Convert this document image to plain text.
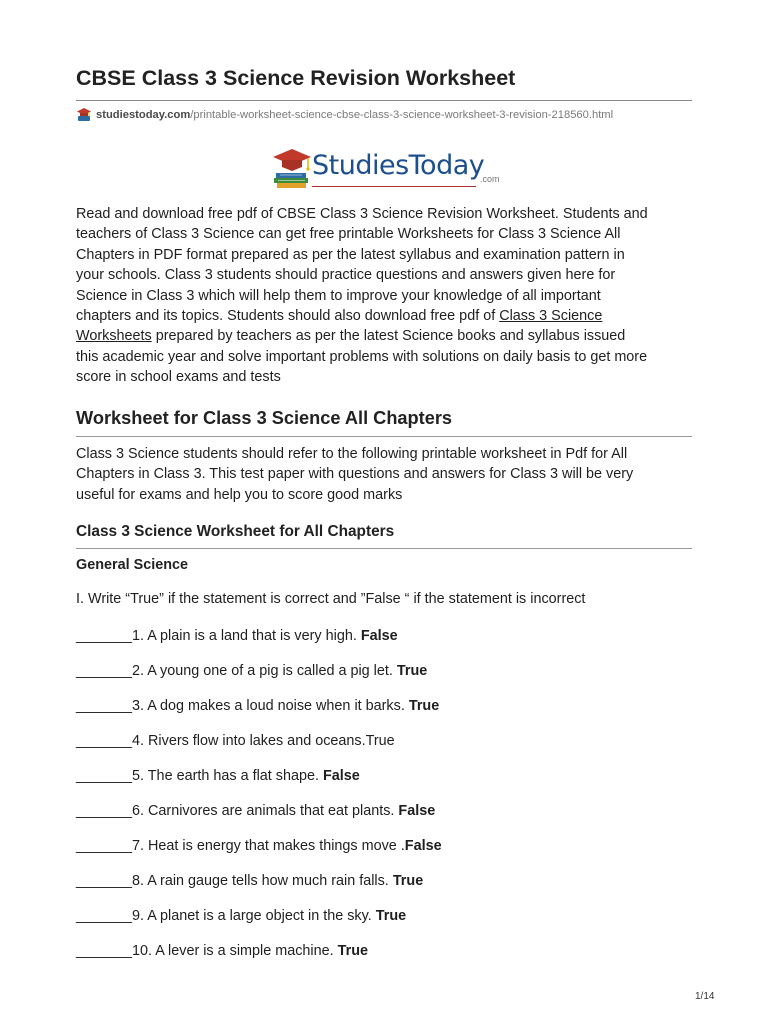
CBSE Class 3 Science Revision Worksheet
studiestoday.com /printable-worksheet-science-cbse-class-3-science-worksheet-3-revision-218560.html
StudiesToday
.com

Read and download free pdf of CBSE Class 3 Science Revision Worksheet. Students and
teachers of Class 3 Science can get free printable Worksheets for Class 3 Science All
Chapters in PDF format prepared as per the latest syllabus and examination pattern in
your schools. Class 3 students should practice questions and answers given here for
Science in Class 3 which will help them to improve your knowledge of all important
chapters and its topics. Students should also download free pdf of Class 3 Science
Worksheets prepared by teachers as per the latest Science books and syllabus issued
this academic year and solve important problems with solutions on daily basis to get more
score in school exams and tests

Worksheet for Class 3 Science All Chapters

Class 3 Science students should refer to the following printable worksheet in Pdf for All
Chapters in Class 3. This test paper with questions and answers for Class 3 will be very
useful for exams and help you to score good marks

Class 3 Science Worksheet for All Chapters
General Science

I. Write “True” if the statement is correct and ”False “ if the statement is incorrect

_______1. A plain is a land that is very high. False
_______2. A young one of a pig is called a pig let. True
_______3. A dog makes a loud noise when it barks. True
_______4. Rivers flow into lakes and oceans.True
_______5. The earth has a flat shape. False
_______6. Carnivores are animals that eat plants. False
_______7. Heat is energy that makes things move .False
_______8. A rain gauge tells how much rain falls. True
_______9. A planet is a large object in the sky. True
_______10. A lever is a simple machine. True
1/14
